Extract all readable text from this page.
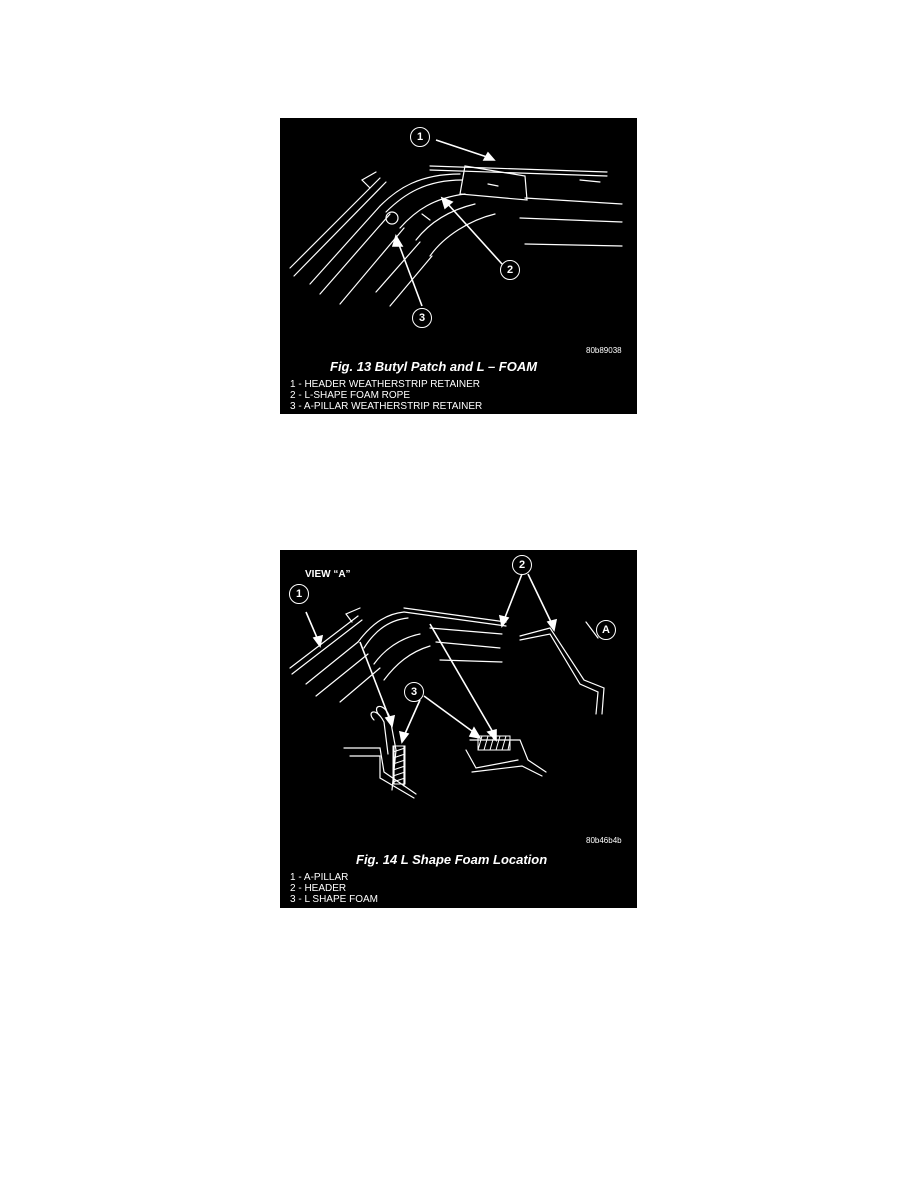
1
2
3
80b89038
Fig. 13 Butyl Patch and L – FOAM
1 - HEADER WEATHERSTRIP RETAINER
2 - L-SHAPE FOAM ROPE
3 - A-PILLAR WEATHERSTRIP RETAINER
VIEW “A”
A
1
2
3
80b46b4b
Fig. 14 L Shape Foam Location
1 - A-PILLAR
2 - HEADER
3 - L SHAPE FOAM
